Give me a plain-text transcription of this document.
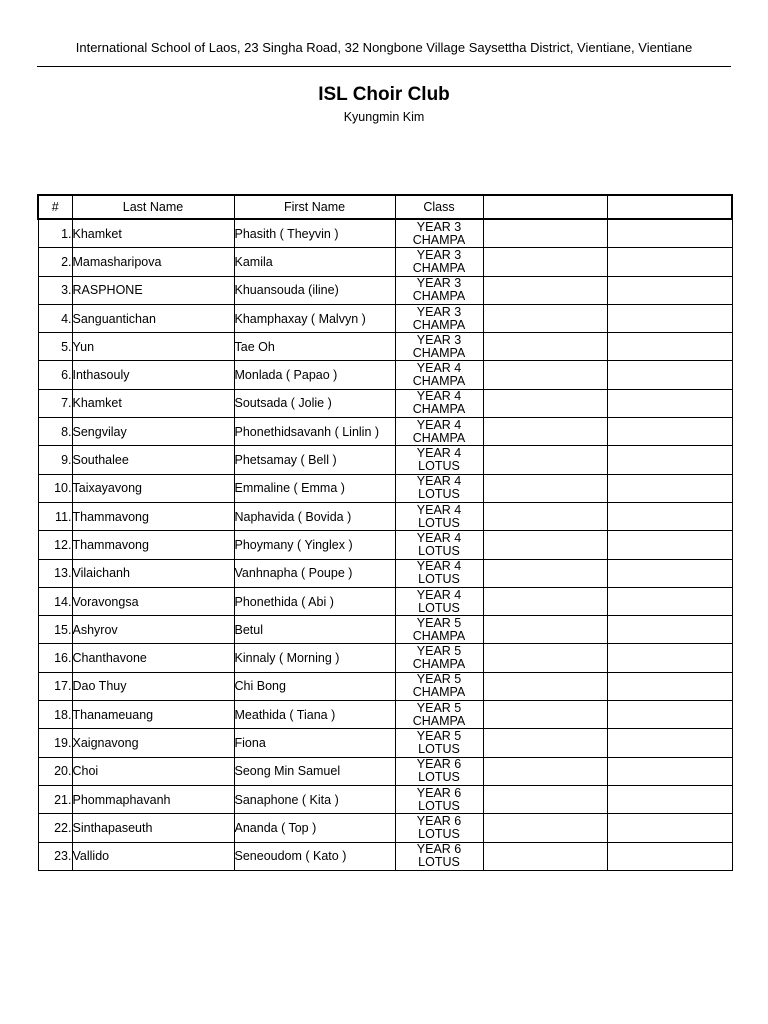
International School of Laos, 23 Singha Road, 32 Nongbone Village Saysettha District, Vientiane, Vientiane
ISL Choir Club
Kyungmin Kim
#	Last Name	First Name	Class		
1.	Khamket	Phasith ( Theyvin )	YEAR 3
CHAMPA		

2.	Mamasharipova	Kamila	YEAR 3
CHAMPA		

3.	RASPHONE	Khuansouda (iline)	YEAR 3
CHAMPA		

4.	Sanguantichan	Khamphaxay ( Malvyn )	YEAR 3
CHAMPA		

5.	Yun	Tae Oh	YEAR 3
CHAMPA		

6.	Inthasouly	Monlada ( Papao )	YEAR 4
CHAMPA		

7.	Khamket	Soutsada ( Jolie )	YEAR 4
CHAMPA		

8.	Sengvilay	Phonethidsavanh ( Linlin )	YEAR 4
CHAMPA		

9.	Southalee	Phetsamay ( Bell )	YEAR 4
LOTUS		

10.	Taixayavong	Emmaline ( Emma )	YEAR 4
LOTUS		

11.	Thammavong	Naphavida ( Bovida )	YEAR 4
LOTUS		

12.	Thammavong	Phoymany ( Yinglex )	YEAR 4
LOTUS		

13.	Vilaichanh	Vanhnapha ( Poupe )	YEAR 4
LOTUS		

14.	Voravongsa	Phonethida ( Abi )	YEAR 4
LOTUS		

15.	Ashyrov	Betul	YEAR 5
CHAMPA		

16.	Chanthavone	Kinnaly ( Morning )	YEAR 5
CHAMPA		

17.	Dao Thuy	Chi Bong	YEAR 5
CHAMPA		

18.	Thanameuang	Meathida ( Tiana )	YEAR 5
CHAMPA		

19.	Xaignavong	Fiona	YEAR 5
LOTUS		

20.	Choi	Seong Min Samuel	YEAR 6
LOTUS		

21.	Phommaphavanh	Sanaphone ( Kita )	YEAR 6
LOTUS		

22.	Sinthapaseuth	Ananda ( Top )	YEAR 6
LOTUS		

23.	Vallido	Seneoudom ( Kato )	YEAR 6
LOTUS		
